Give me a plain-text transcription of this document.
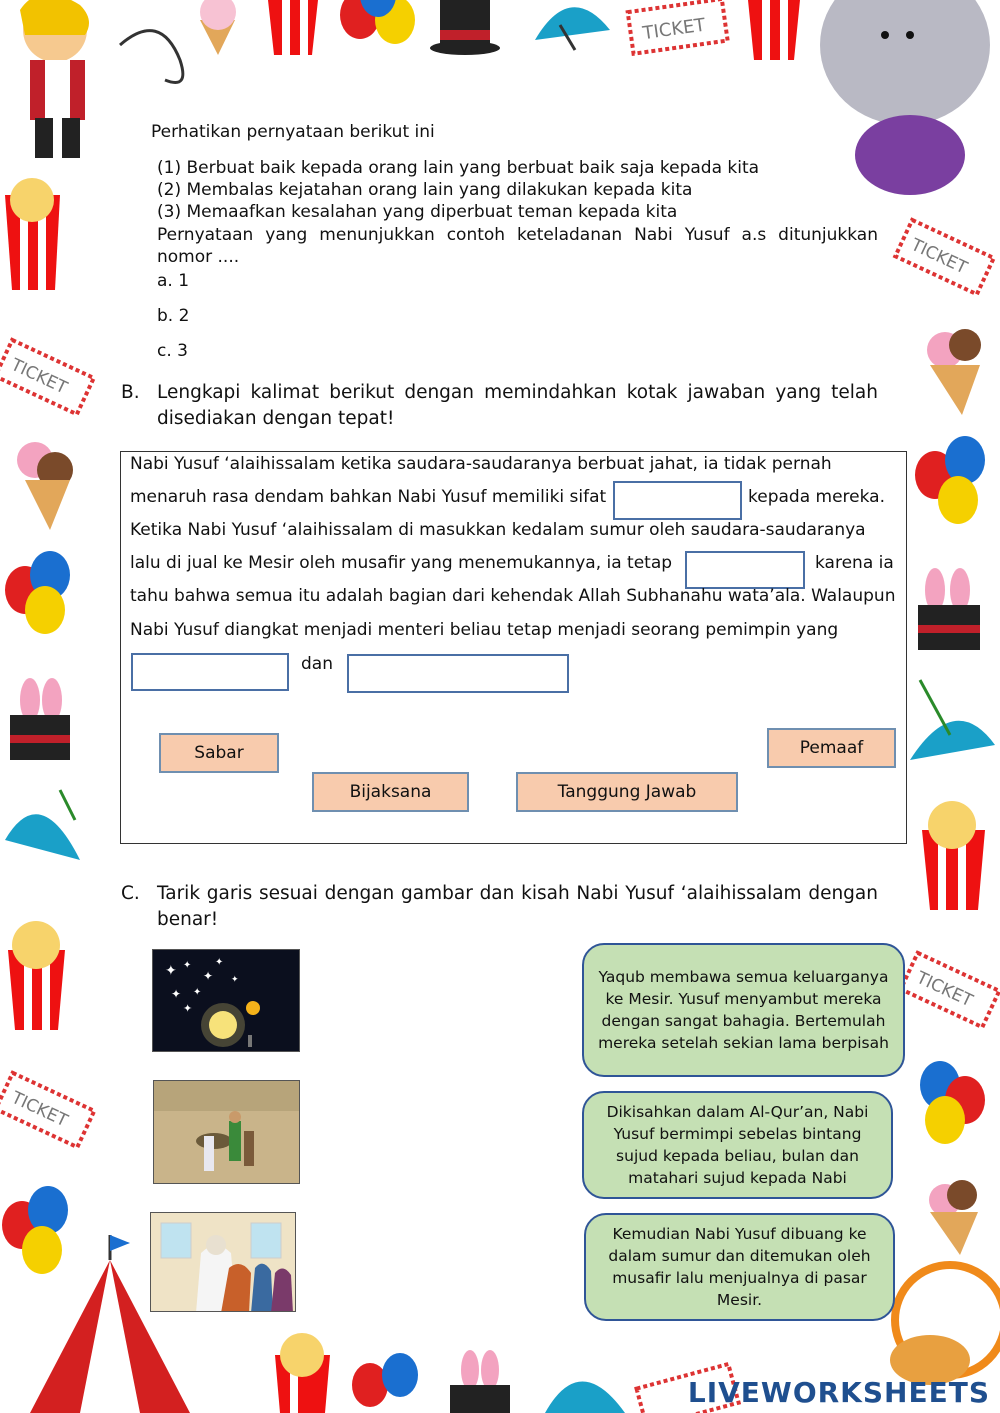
TICKET
TICKET
TICKET
TICKET
TICKET
Perhatikan pernyataan berikut ini
(1) Berbuat baik kepada orang lain yang berbuat baik saja kepada kita
(2) Membalas kejatahan orang lain yang dilakukan kepada kita
(3) Memaafkan kesalahan yang diperbuat teman kepada kita
Pernyataan yang menunjukkan contoh keteladanan Nabi Yusuf a.s ditunjukkan
nomor ....
a. 1
b. 2
c. 3
B. Lengkapi kalimat berikut dengan memindahkan kotak jawaban yang telah
disediakan dengan tepat!
Nabi Yusuf ‘alaihissalam ketika saudara-saudaranya berbuat jahat, ia tidak pernah
menaruh rasa dendam bahkan Nabi Yusuf memiliki sifat	kepada mereka.
Ketika Nabi Yusuf ‘alaihissalam di masukkan kedalam sumur oleh saudara-saudaranya
lalu di jual ke Mesir oleh musafir yang menemukannya, ia tetap	karena ia
tahu bahwa semua itu adalah bagian dari kehendak Allah Subhanahu wata’ala. Walaupun
Nabi Yusuf diangkat menjadi menteri beliau tetap menjadi seorang pemimpin yang
dan
Sabar	Pemaaf
Bijaksana	Tanggung Jawab
C. Tarik garis sesuai dengan gambar dan kisah Nabi Yusuf ‘alaihissalam dengan
benar!
✦ ✦
✦
✦
✦ ✦
✦
✦	Yaqub membawa semua keluarganya ke Mesir. Yusuf menyambut mereka dengan sangat bahagia. Bertemulah mereka setelah sekian lama berpisah
Dikisahkan dalam Al-Qur’an, Nabi Yusuf bermimpi sebelas bintang sujud kepada beliau, bulan dan matahari sujud kepada Nabi
Kemudian Nabi Yusuf dibuang ke dalam sumur dan ditemukan oleh musafir lalu menjualnya di pasar Mesir.
LIVEWORKSHEETS
